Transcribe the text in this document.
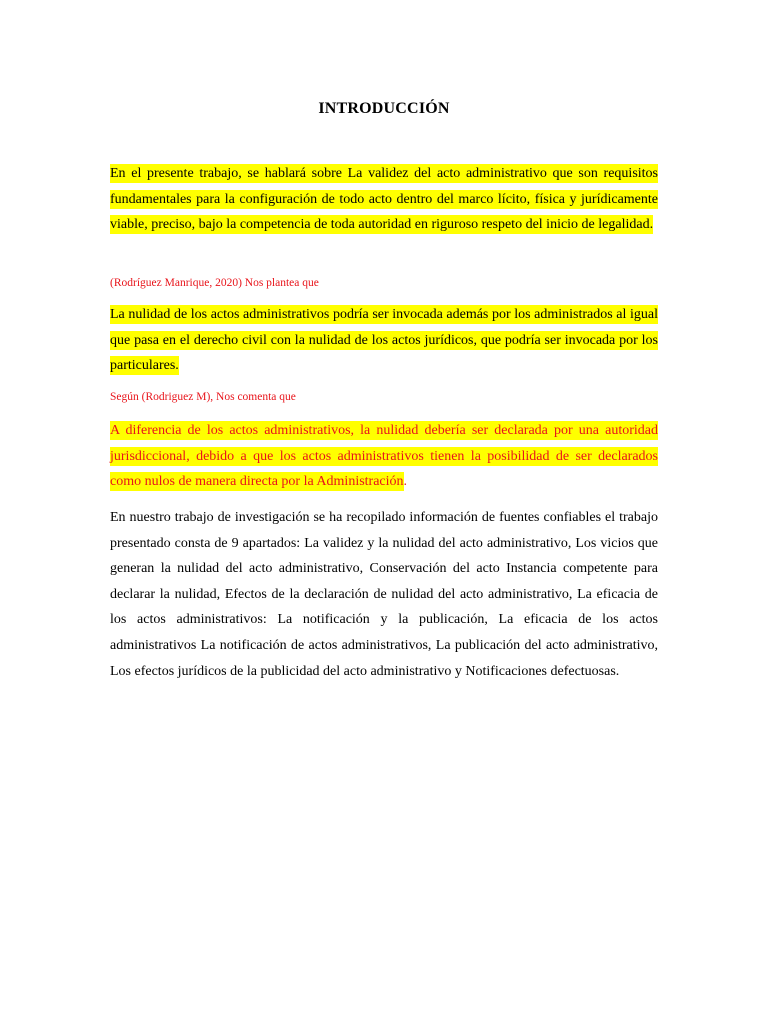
INTRODUCCIÓN

En el presente trabajo, se hablará sobre La validez del acto administrativo que son requisitos fundamentales para la configuración de todo acto dentro del marco lícito, física y jurídicamente viable, preciso, bajo la competencia de toda autoridad en riguroso respeto del inicio de legalidad.

(Rodríguez Manrique, 2020) Nos plantea que

La nulidad de los actos administrativos podría ser invocada además por los administrados al igual que pasa en el derecho civil con la nulidad de los actos jurídicos, que podría ser invocada por los particulares.

Según (Rodriguez M), Nos comenta que

A diferencia de los actos administrativos, la nulidad debería ser declarada por una autoridad jurisdiccional, debido a que los actos administrativos tienen la posibilidad de ser declarados como nulos de manera directa por la Administración.

En nuestro trabajo de investigación se ha recopilado información de fuentes confiables el trabajo presentado consta de 9 apartados: La validez y la nulidad del acto administrativo, Los vicios que generan la nulidad del acto administrativo, Conservación del acto Instancia competente para declarar la nulidad, Efectos de la declaración de nulidad del acto administrativo, La eficacia de los actos administrativos: La notificación y la publicación, La eficacia de los actos administrativos La notificación de actos administrativos, La publicación del acto administrativo, Los efectos jurídicos de la publicidad del acto administrativo y Notificaciones defectuosas.
